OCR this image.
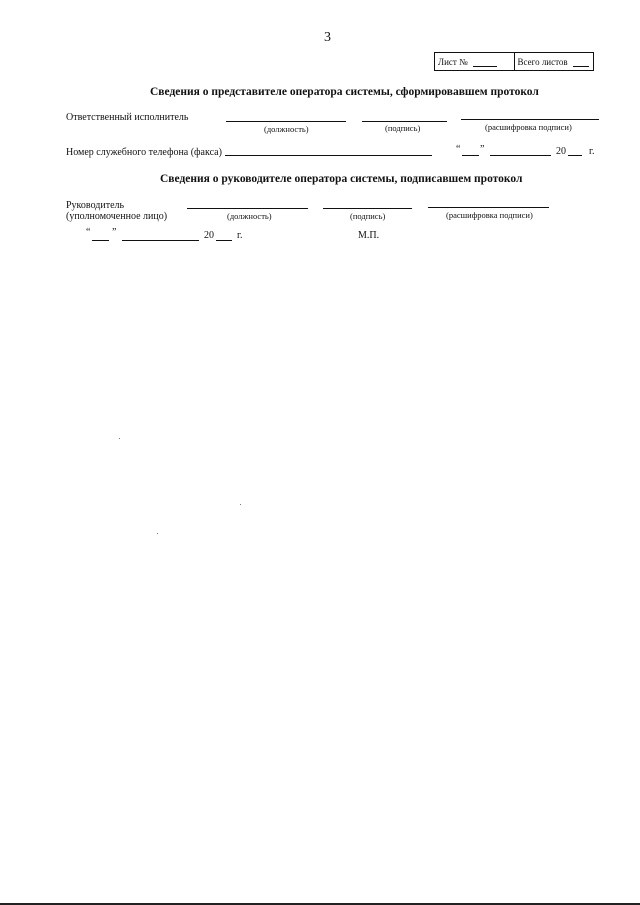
3
Лист №	Всего листов
Сведения о представителе оператора системы, сформировавшем протокол
Ответственный исполнитель
(должность)	(подпись)	(расшифровка подписи)
Номер служебного телефона (факса)	“ ”	20 г.
Сведения о руководителе оператора системы, подписавшем протокол
Руководитель
(уполномоченное лицо)	(должность)	(подпись)	(расшифровка подписи)
“ ”	20 г.	М.П.
